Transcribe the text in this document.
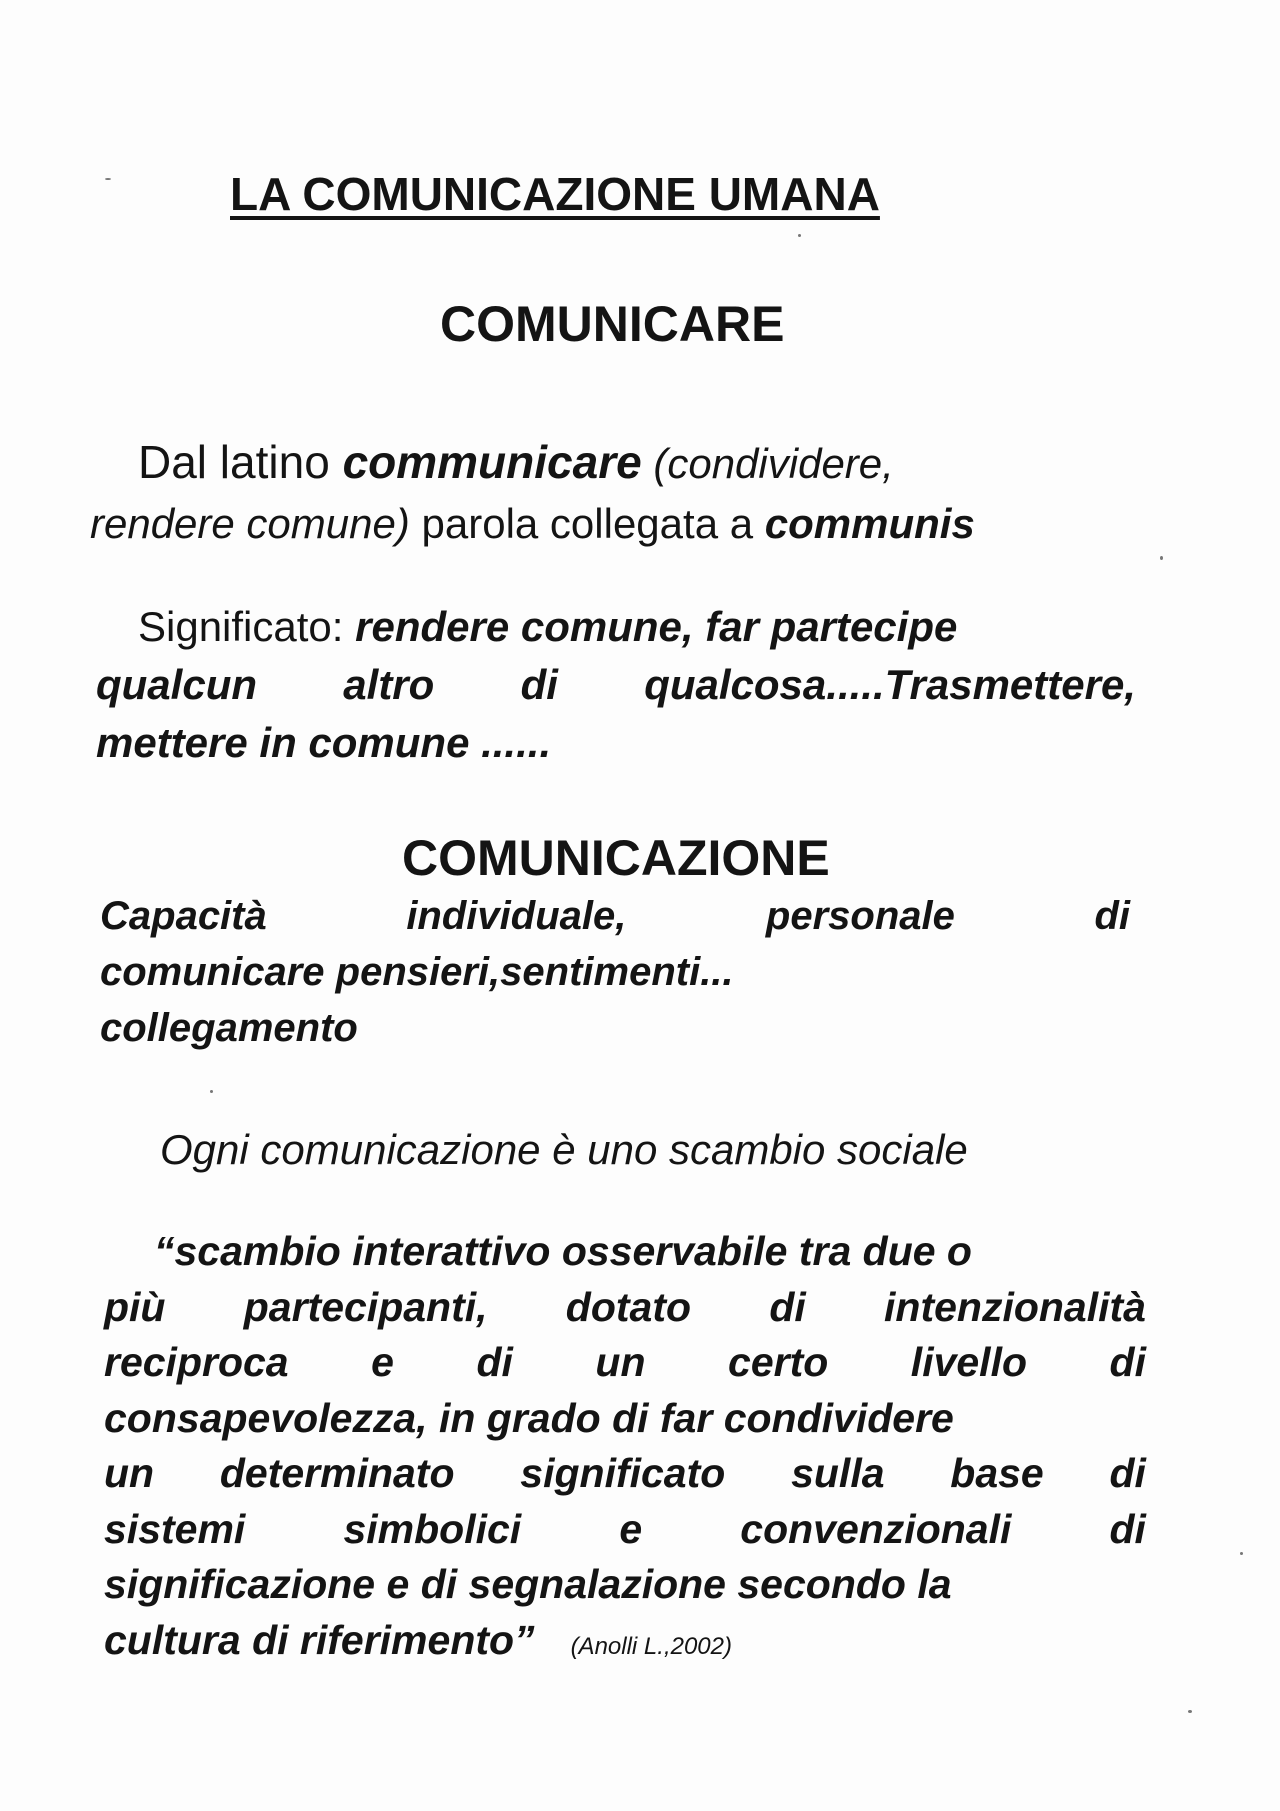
LA COMUNICAZIONE UMANA
COMUNICARE

Dal latino communicare (condividere,
rendere comune) parola collegata a communis

Significato: rendere comune, far partecipe
qualcun altro di qualcosa.....Trasmettere,
mettere in comune ......

COMUNICAZIONE

Capacità	individuale,	personale	di
comunicare pensieri,sentimenti...
collegamento

Ogni comunicazione è uno scambio sociale

“scambio interattivo osservabile tra due o
più partecipanti, dotato di intenzionalità
reciproca e di un certo livello di
consapevolezza, in grado di far condividere
un determinato significato sulla base di
sistemi simbolici e convenzionali di
significazione e di segnalazione secondo la
cultura di riferimento” (Anolli L.,2002)
